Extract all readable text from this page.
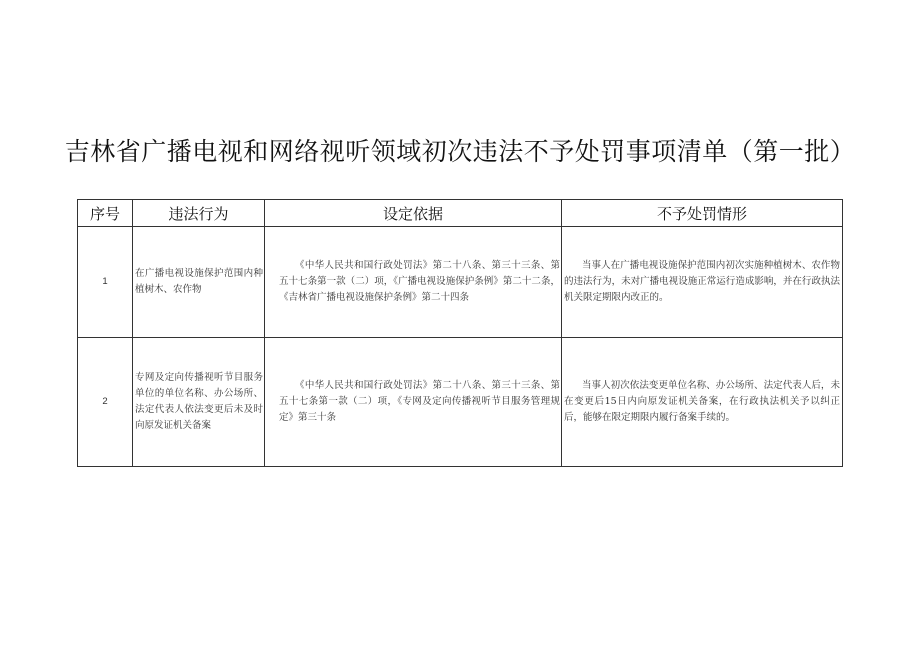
吉林省广播电视和网络视听领域初次违法不予处罚事项清单（第一批）
序号	违法行为	设定依据	不予处罚情形
1	在广播电视设施保护范围内种植树木、农作物	《中华人民共和国行政处罚法》第二十八条、第三十三条、第五十七条第一款（二）项，《广播电视设施保护条例》第二十二条，《吉林省广播电视设施保护条例》第二十四条	当事人在广播电视设施保护范围内初次实施种植树木、农作物的违法行为，未对广播电视设施正常运行造成影响，并在行政执法机关限定期限内改正的。

2	专网及定向传播视听节目服务单位的单位名称、办公场所、法定代表人依法变更后未及时向原发证机关备案	《中华人民共和国行政处罚法》第二十八条、第三十三条、第五十七条第一款（二）项，《专网及定向传播视听节目服务管理规定》第三十条	当事人初次依法变更单位名称、办公场所、法定代表人后，未在变更后15日内向原发证机关备案，在行政执法机关予以纠正后，能够在限定期限内履行备案手续的。
